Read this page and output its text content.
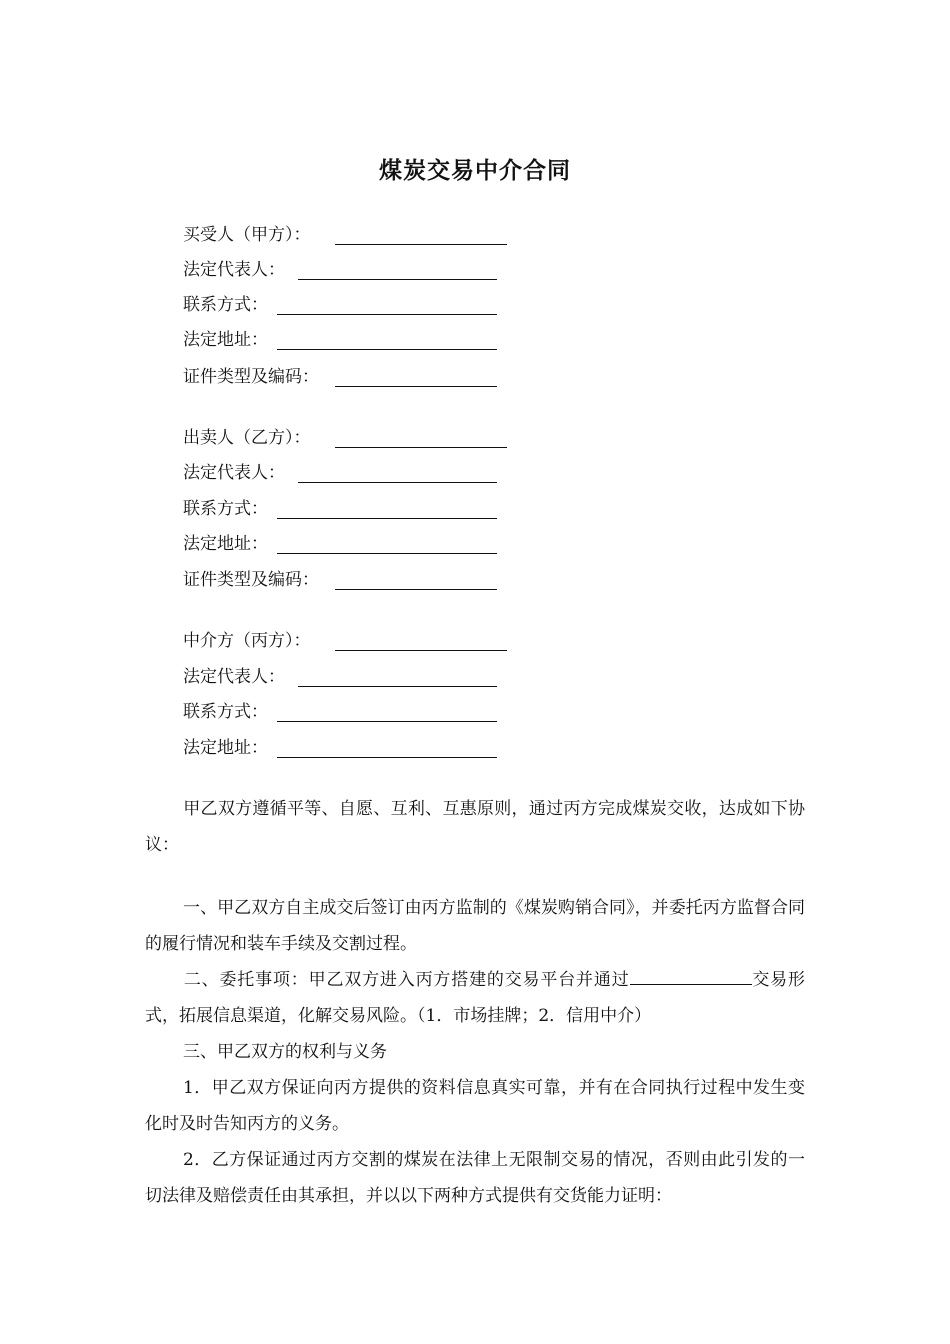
煤炭交易中介合同
买受人（甲方）：
法定代表人：
联系方式：
法定地址：
证件类型及编码：
出卖人（乙方）：
法定代表人：
联系方式：
法定地址：
证件类型及编码：
中介方（丙方）：
法定代表人：
联系方式：
法定地址：
甲乙双方遵循平等、自愿、互利、互惠原则，通过丙方完成煤炭交收，达成如下协议：
一、甲乙双方自主成交后签订由丙方监制的《煤炭购销合同》，并委托丙方监督合同的履行情况和装车手续及交割过程。
二、委托事项：甲乙双方进入丙方搭建的交易平台并通过	交易形式，拓展信息渠道，化解交易风险。（1．市场挂牌；2．信用中介）
三、甲乙双方的权利与义务
1．甲乙双方保证向丙方提供的资料信息真实可靠，并有在合同执行过程中发生变化时及时告知丙方的义务。
2．乙方保证通过丙方交割的煤炭在法律上无限制交易的情况，否则由此引发的一切法律及赔偿责任由其承担，并以以下两种方式提供有交货能力证明：
